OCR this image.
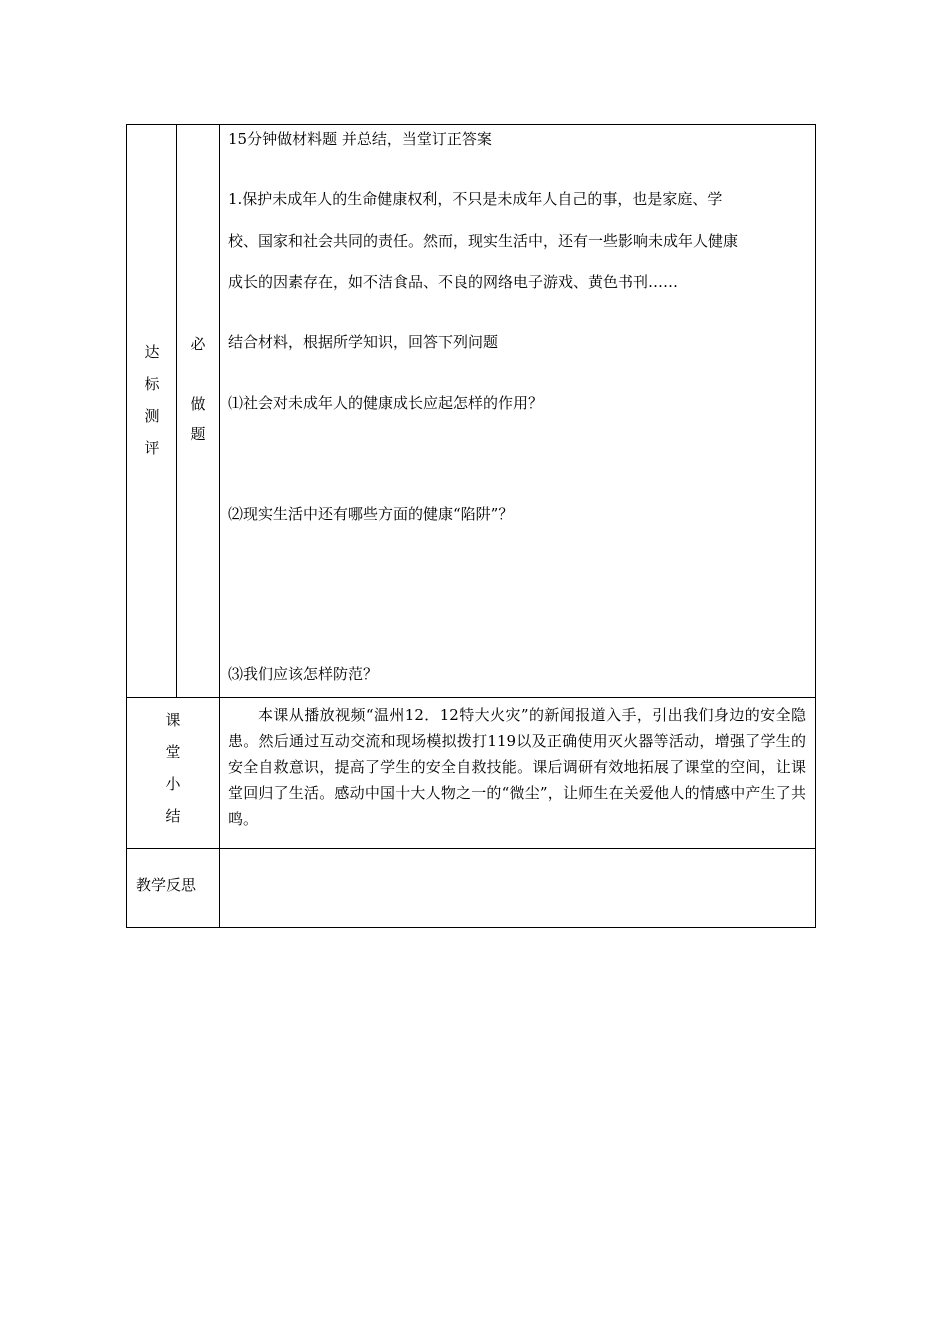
达
标
测
评
必
做
题
15分钟做材料题 并总结，当堂订正答案
1.保护未成年人的生命健康权利，不只是未成年人自己的事，也是家庭、学
校、国家和社会共同的责任。然而，现实生活中，还有一些影响未成年人健康
成长的因素存在，如不洁食品、不良的网络电子游戏、黄色书刊……
结合材料，根据所学知识，回答下列问题
⑴社会对未成年人的健康成长应起怎样的作用？
⑵现实生活中还有哪些方面的健康“陷阱”？
⑶我们应该怎样防范？
课
堂
小
结
本课从播放视频“温州12．12特大火灾”的新闻报道入手，引出我们身边的安全隐患。然后通过互动交流和现场模拟拨打119以及正确使用灭火器等活动，增强了学生的安全自救意识，提高了学生的安全自救技能。课后调研有效地拓展了课堂的空间，让课堂回归了生活。感动中国十大人物之一的“微尘”，让师生在关爱他人的情感中产生了共鸣。
教学反思
